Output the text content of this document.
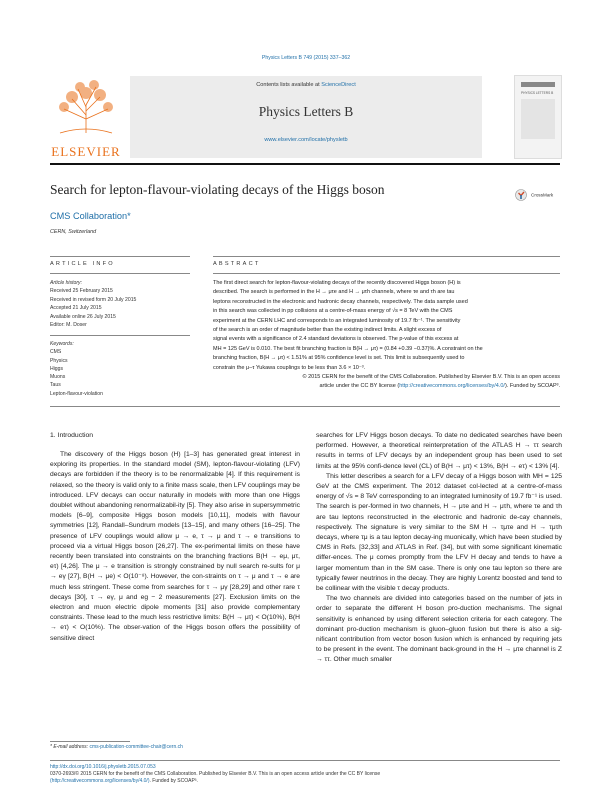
Physics Letters B 749 (2015) 337–362
ELSEVIER
Contents lists available at ScienceDirect
Physics Letters B
www.elsevier.com/locate/physletb
PHYSICS LETTERS B
Search for lepton-flavour-violating decays of the Higgs boson	CrossMark
CMS Collaboration*
CERN, Switzerland
ARTICLE INFO
Article history:
Received 25 February 2015
Received in revised form 20 July 2015
Accepted 21 July 2015
Available online 26 July 2015
Editor: M. Doser
Keywords:
CMS
Physics
Higgs
Muons
Taus
Lepton-flavour-violation
ABSTRACT
The first direct search for lepton-flavour-violating decays of the recently discovered Higgs boson (H) is
described. The search is performed in the H → μτe and H → μτh channels, where τe and τh are tau
leptons reconstructed in the electronic and hadronic decay channels, respectively. The data sample used
in this search was collected in pp collisions at a centre-of-mass energy of √s = 8 TeV with the CMS
experiment at the CERN LHC and corresponds to an integrated luminosity of 19.7 fb⁻¹. The sensitivity
of the search is an order of magnitude better than the existing indirect limits. A slight excess of
signal events with a significance of 2.4 standard deviations is observed. The p-value of this excess at
MH = 125 GeV is 0.010. The best fit branching fraction is B(H → μτ) = (0.84 +0.39 −0.37)%. A constraint on the
branching fraction, B(H → μτ) < 1.51% at 95% confidence level is set. This limit is subsequently used to
constrain the μ–τ Yukawa couplings to be less than 3.6 × 10⁻³.
© 2015 CERN for the benefit of the CMS Collaboration. Published by Elsevier B.V. This is an open access
article under the CC BY license (http://creativecommons.org/licenses/by/4.0/). Funded by SCOAP³.
1. Introduction

The discovery of the Higgs boson (H) [1–3] has generated great interest in exploring its properties. In the standard model (SM), lepton-flavour-violating (LFV) decays are forbidden if the theory is to be renormalizable [4]. If this requirement is relaxed, so the theory is valid only to a finite mass scale, then LFV couplings may be introduced. LFV decays can occur naturally in models with more than one Higgs doublet without abandoning renormalizabil-ity [5]. They also arise in supersymmetric models [6–9], composite Higgs boson models [10,11], models with flavour symmetries [12], Randall–Sundrum models [13–15], and many others [16–25]. The presence of LFV couplings would allow μ → e, τ → μ and τ → e transitions to proceed via a virtual Higgs boson [26,27]. The ex-perimental limits on these have recently been translated into constraints on the branching fractions B(H → eμ, μτ, eτ) [4,26]. The μ → e transition is strongly constrained by null search re-sults for μ → eγ [27], B(H → μe) < O(10⁻⁸). However, the con-straints on τ → μ and τ → e are much less stringent. These come from searches for τ → μγ [28,29] and other rare τ decays [30], τ → eγ, μ and eg − 2 measurements [27]. Exclusion limits on the electron and muon electric dipole moments [31] also provide complementary constraints. These lead to the much less restrictive limits: B(H → μτ) < O(10%), B(H → eτ) < O(10%). The obser-vation of the Higgs boson offers the possibility of sensitive direct

searches for LFV Higgs boson decays. To date no dedicated searches have been performed. However, a theoretical reinterpretation of the ATLAS H → ττ search results in terms of LFV decays by an independent group has been used to set limits at the 95% confi-dence level (CL) of B(H → μτ) < 13%, B(H → eτ) < 13% [4].

This letter describes a search for a LFV decay of a Higgs boson with MH = 125 GeV at the CMS experiment. The 2012 dataset col-lected at a centre-of-mass energy of √s = 8 TeV corresponding to an integrated luminosity of 19.7 fb⁻¹ is used. The search is per-formed in two channels, H → μτe and H → μτh, where τe and τh are tau leptons reconstructed in the electronic and hadronic de-cay channels, respectively. The signature is very similar to the SM H → τμτe and H → τμτh decays, where τμ is a tau lepton decay-ing muonically, which have been studied by CMS in Refs. [32,33] and ATLAS in Ref. [34], but with some significant kinematic differ-ences. The μ comes promptly from the LFV H decay and tends to have a larger momentum than in the SM case. There is only one tau lepton so there are typically fewer neutrinos in the decay. They are highly Lorentz boosted and tend to be collinear with the visible τ decay products.

The two channels are divided into categories based on the number of jets in order to separate the different H boson pro-duction mechanisms. The signal sensitivity is enhanced by using different selection criteria for each category. The dominant pro-duction mechanism is gluon–gluon fusion but there is also a sig-nificant contribution from vector boson fusion which is enhanced by requiring jets to be present in the event. The dominant back-ground in the H → μτe channel is Z → ττ. Other much smaller

* E-mail address: cms-publication-committee-chair@cern.ch
http://dx.doi.org/10.1016/j.physletb.2015.07.053
0370-2693/© 2015 CERN for the benefit of the CMS Collaboration. Published by Elsevier B.V. This is an open access article under the CC BY license
(http://creativecommons.org/licenses/by/4.0/). Funded by SCOAP³.
